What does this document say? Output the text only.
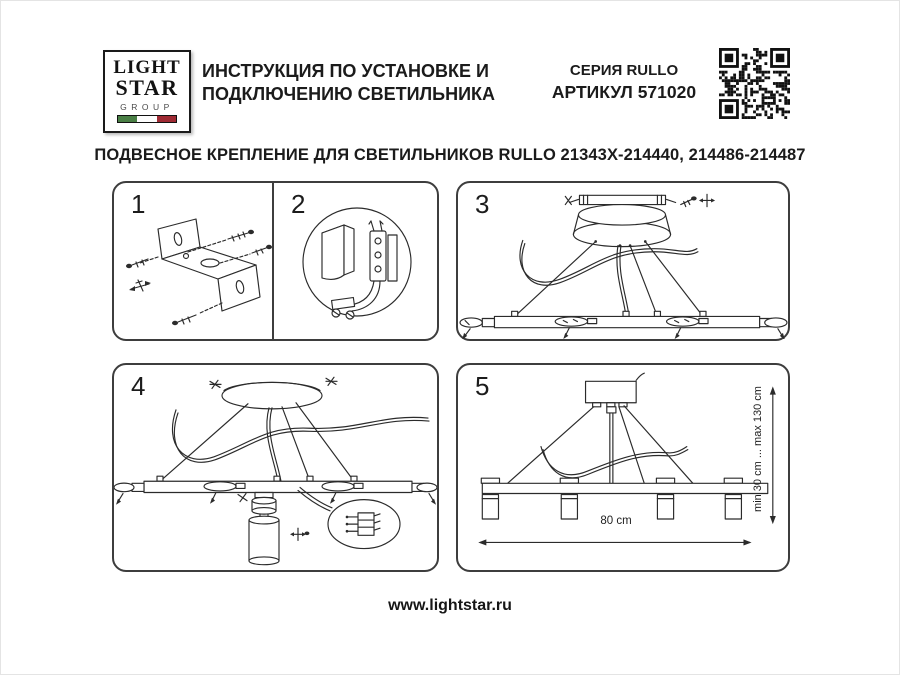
LIGHT
STAR
GROUP
ИНСТРУКЦИЯ ПО УСТАНОВКЕ И
ПОДКЛЮЧЕНИЮ СВЕТИЛЬНИКА
СЕРИЯ RULLO
АРТИКУЛ 571020
ПОДВЕСНОЕ КРЕПЛЕНИЕ ДЛЯ СВЕТИЛЬНИКОВ RULLO 21343X-214440, 214486-214487
1	2	3
4	5
80 cm
min 30 cm ... max 130 cm
www.lightstar.ru
